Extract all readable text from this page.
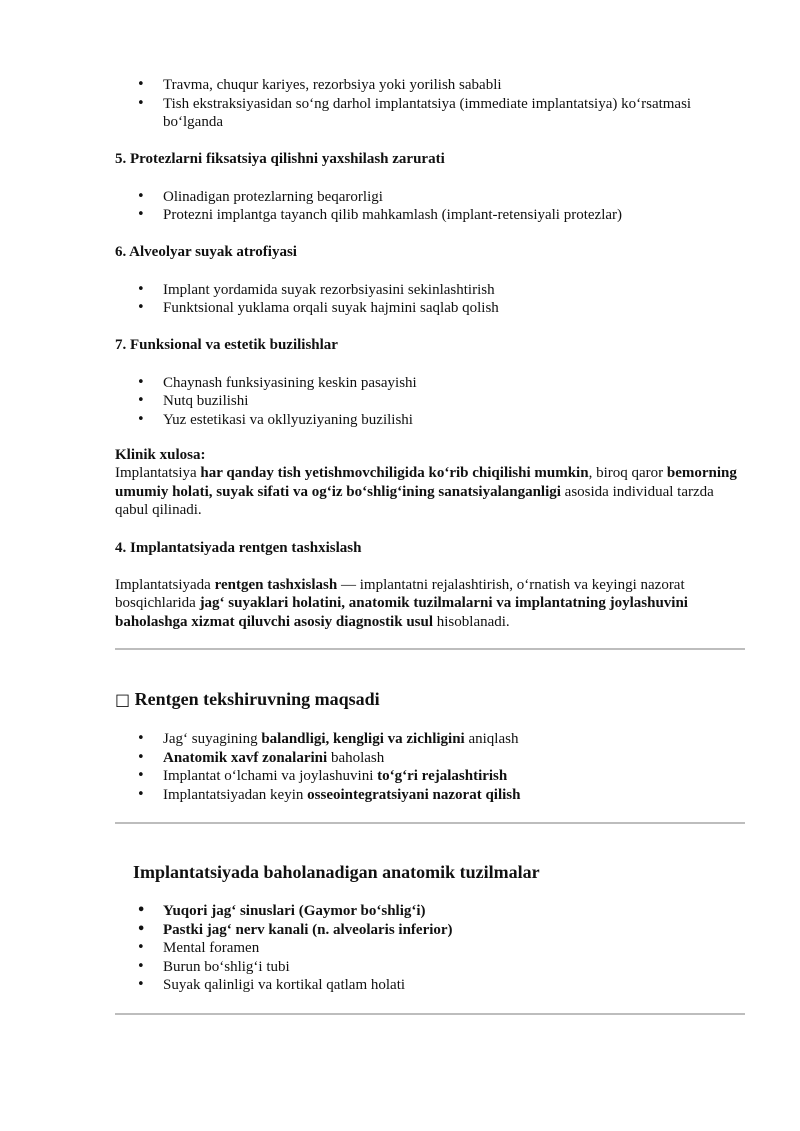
• Travma, chuqur kariyes, rezorbsiya yoki yorilish sababli
• Tish ekstraksiyasidan so‘ng darhol implantatsiya (immediate implantatsiya) ko‘rsatmasi bo‘lganda
5. Protezlarni fiksatsiya qilishni yaxshilash zarurati
• Olinadigan protezlarning beqarorligi
• Protezni implantga tayanch qilib mahkamlash (implant-retensiyali protezlar)
6. Alveolyar suyak atrofiyasi
• Implant yordamida suyak rezorbsiyasini sekinlashtirish
• Funktsional yuklama orqali suyak hajmini saqlab qolish
7. Funksional va estetik buzilishlar
• Chaynash funksiyasining keskin pasayishi
• Nutq buzilishi
• Yuz estetikasi va okllyuziyaning buzilishi
Klinik xulosa:

Implantatsiya har qanday tish yetishmovchiligida ko‘rib chiqilishi mumkin, biroq qaror bemorning umumiy holati, suyak sifati va og‘iz bo‘shlig‘ining sanatsiyalanganligi asosida individual tarzda qabul qilinadi.

4. Implantatsiyada rentgen tashxislash

Implantatsiyada rentgen tashxislash — implantatni rejalashtirish, o‘rnatish va keyingi nazorat bosqichlarida jag‘ suyaklari holatini, anatomik tuzilmalarni va implantatning joylashuvini baholashga xizmat qiluvchi asosiy diagnostik usul hisoblanadi.

□ Rentgen tekshiruvning maqsadi
• Jag‘ suyagining balandligi, kengligi va zichligini aniqlash
• Anatomik xavf zonalarini baholash
• Implantat o‘lchami va joylashuvini to‘g‘ri rejalashtirish
• Implantatsiyadan keyin osseointegratsiyani nazorat qilish
Implantatsiyada baholanadigan anatomik tuzilmalar
• Yuqori jag‘ sinuslari (Gaymor bo‘shlig‘i)
• Pastki jag‘ nerv kanali (n. alveolaris inferior)
• Mental foramen
• Burun bo‘shlig‘i tubi
• Suyak qalinligi va kortikal qatlam holati
